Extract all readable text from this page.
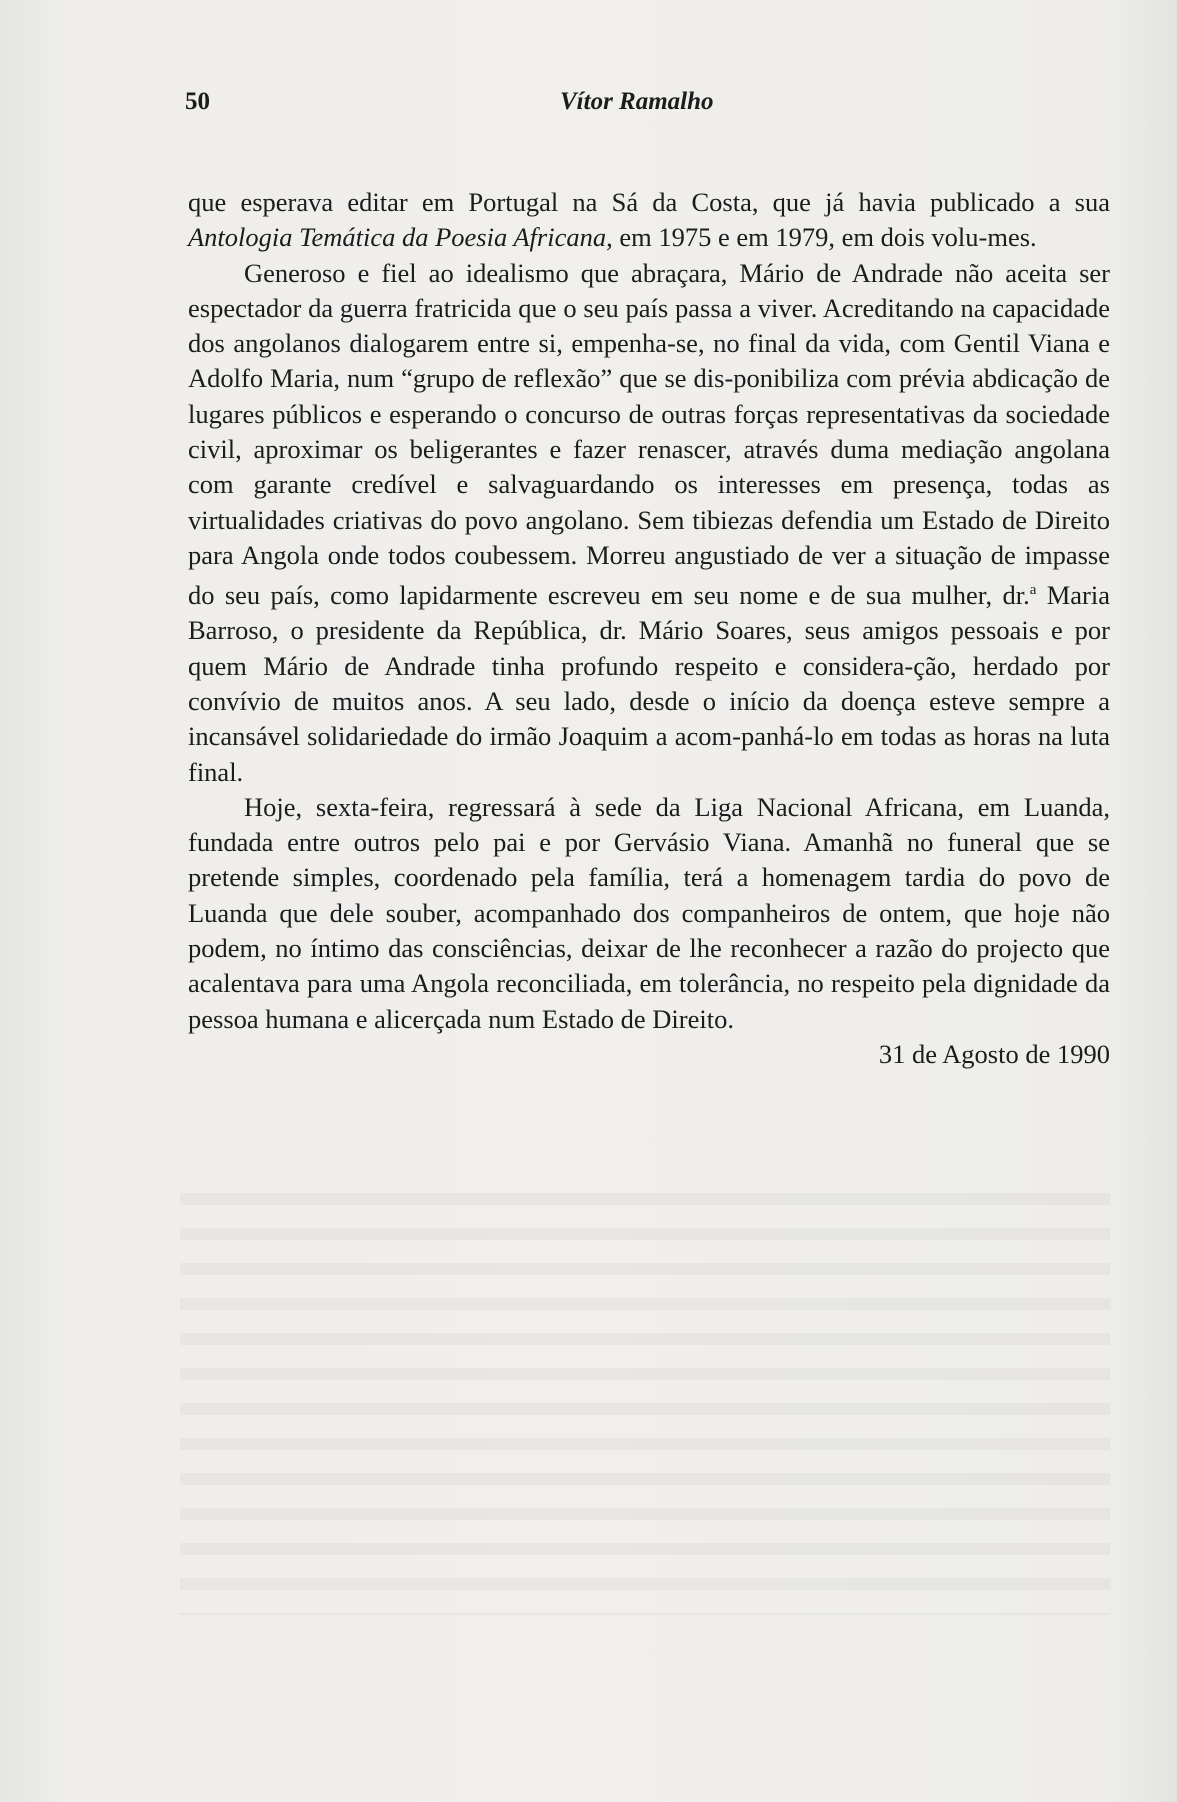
50	Vítor Ramalho

que esperava editar em Portugal na Sá da Costa, que já havia publicado a sua Antologia Temática da Poesia Africana, em 1975 e em 1979, em dois volu-mes.

Generoso e fiel ao idealismo que abraçara, Mário de Andrade não aceita ser espectador da guerra fratricida que o seu país passa a viver. Acreditando na capacidade dos angolanos dialogarem entre si, empenha-se, no final da vida, com Gentil Viana e Adolfo Maria, num “grupo de reflexão” que se dis-ponibiliza com prévia abdicação de lugares públicos e esperando o concurso de outras forças representativas da sociedade civil, aproximar os beligerantes e fazer renascer, através duma mediação angolana com garante credível e salvaguardando os interesses em presença, todas as virtualidades criativas do povo angolano. Sem tibiezas defendia um Estado de Direito para Angola onde todos coubessem. Morreu angustiado de ver a situação de impasse do seu país, como lapidarmente escreveu em seu nome e de sua mulher, dr.$^a$ Maria Barroso, o presidente da República, dr. Mário Soares, seus amigos pessoais e por quem Mário de Andrade tinha profundo respeito e considera-ção, herdado por convívio de muitos anos. A seu lado, desde o início da doença esteve sempre a incansável solidariedade do irmão Joaquim a acom-panhá-lo em todas as horas na luta final.

Hoje, sexta-feira, regressará à sede da Liga Nacional Africana, em Luanda, fundada entre outros pelo pai e por Gervásio Viana. Amanhã no funeral que se pretende simples, coordenado pela família, terá a homenagem tardia do povo de Luanda que dele souber, acompanhado dos companheiros de ontem, que hoje não podem, no íntimo das consciências, deixar de lhe reconhecer a razão do projecto que acalentava para uma Angola reconciliada, em tolerância, no respeito pela dignidade da pessoa humana e alicerçada num Estado de Direito.

31 de Agosto de 1990
